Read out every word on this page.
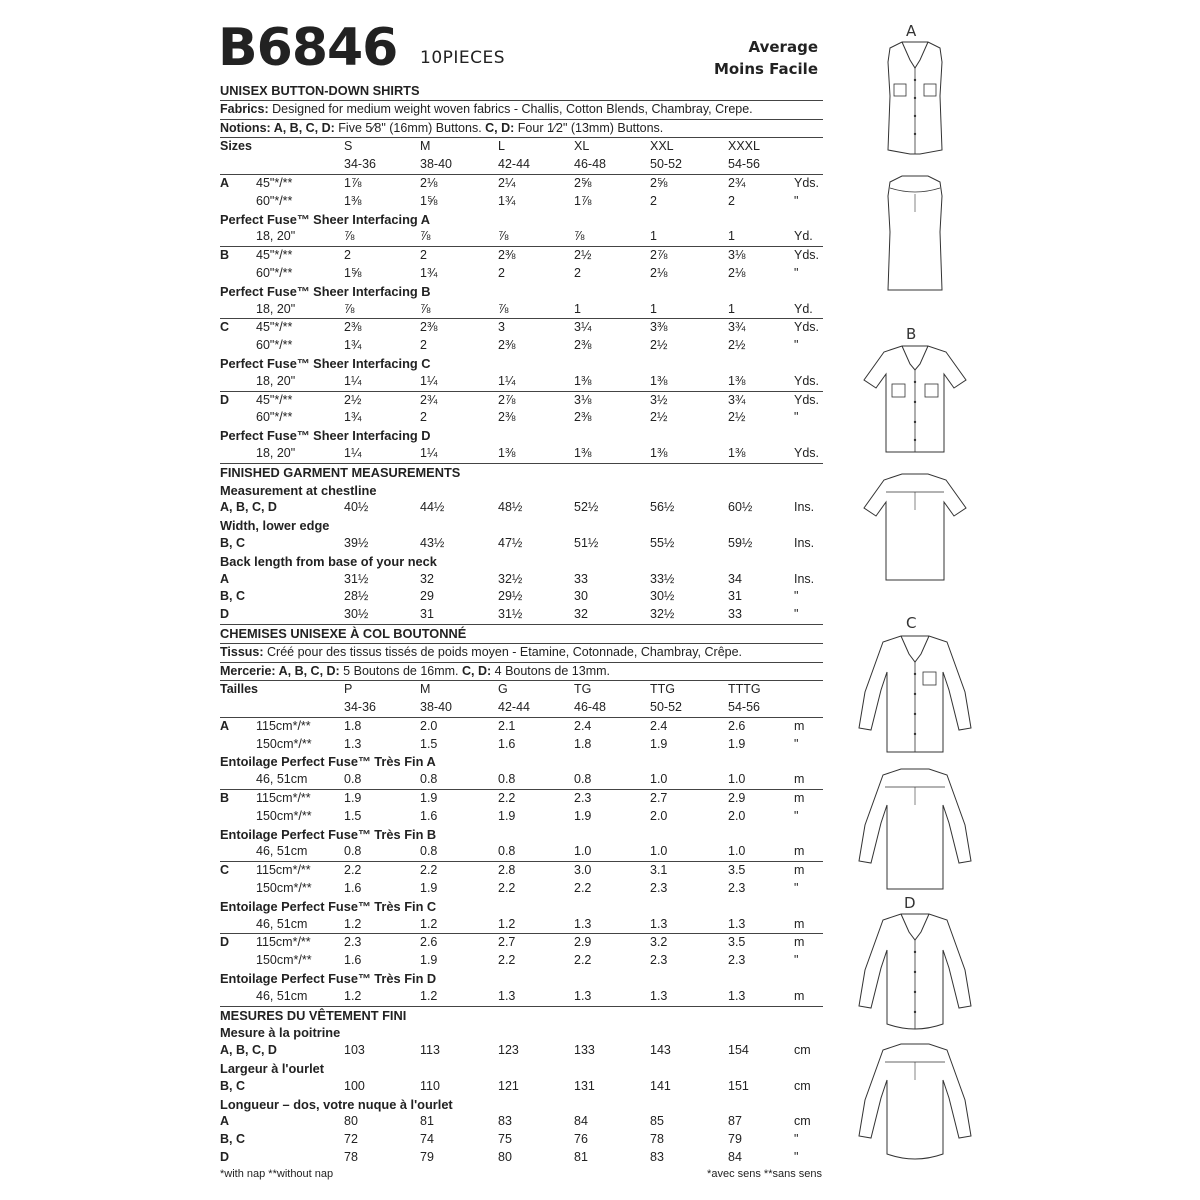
B6846 10PIECES
Average
Moins Facile
UNISEX BUTTON-DOWN SHIRTS
Fabrics: Designed for medium weight woven fabrics - Challis, Cotton Blends, Chambray, Crepe.
Notions: A, B, C, D: Five 5⁄8" (16mm) Buttons. C, D: Four 1⁄2" (13mm) Buttons.
Sizes	S	M	L	XL	XXL	XXXL
34-36	38-40	42-44	46-48	50-52	54-56
A 45"*/**	1⅞	2⅛	2¼	2⅝	2⅝	2¾	Yds.
60"*/**	1⅜	1⅝	1¾	1⅞	2	2	"
Perfect Fuse™ Sheer Interfacing A
18, 20"	⅞	⅞	⅞	⅞	1	1	Yd.
B 45"*/**	2	2	2⅜	2½	2⅞	3⅛	Yds.
60"*/**	1⅝	1¾	2	2	2⅛	2⅛	"
Perfect Fuse™ Sheer Interfacing B
18, 20"	⅞	⅞	⅞	1	1	1	Yd.
C 45"*/**	2⅜	2⅜	3	3¼	3⅜	3¾	Yds.
60"*/**	1¾	2	2⅜	2⅜	2½	2½	"
Perfect Fuse™ Sheer Interfacing C
18, 20"	1¼	1¼	1¼	1⅜	1⅜	1⅜	Yds.
D 45"*/**	2½	2¾	2⅞	3⅛	3½	3¾	Yds.
60"*/**	1¾	2	2⅜	2⅜	2½	2½	"
Perfect Fuse™ Sheer Interfacing D
18, 20"	1¼	1¼	1⅜	1⅜	1⅜	1⅜	Yds.
FINISHED GARMENT MEASUREMENTS
Measurement at chestline
A, B, C, D	40½	44½	48½	52½	56½	60½	Ins.
Width, lower edge
B, C	39½	43½	47½	51½	55½	59½	Ins.
Back length from base of your neck
A	31½	32	32½	33	33½	34	Ins.
B, C	28½	29	29½	30	30½	31	"
D	30½	31	31½	32	32½	33	"
CHEMISES UNISEXE À COL BOUTONNÉ
Tissus: Créé pour des tissus tissés de poids moyen - Etamine, Cotonnade, Chambray, Crêpe.
Mercerie: A, B, C, D: 5 Boutons de 16mm. C, D: 4 Boutons de 13mm.
Tailles	P	M	G	TG	TTG	TTTG
34-36	38-40	42-44	46-48	50-52	54-56
A 115cm*/**	1.8	2.0	2.1	2.4	2.4	2.6	m
150cm*/**	1.3	1.5	1.6	1.8	1.9	1.9	"
Entoilage Perfect Fuse™ Très Fin A
46, 51cm	0.8	0.8	0.8	0.8	1.0	1.0	m
B 115cm*/**	1.9	1.9	2.2	2.3	2.7	2.9	m
150cm*/**	1.5	1.6	1.9	1.9	2.0	2.0	"
Entoilage Perfect Fuse™ Très Fin B
46, 51cm	0.8	0.8	0.8	1.0	1.0	1.0	m
C 115cm*/**	2.2	2.2	2.8	3.0	3.1	3.5	m
150cm*/**	1.6	1.9	2.2	2.2	2.3	2.3	"
Entoilage Perfect Fuse™ Très Fin C
46, 51cm	1.2	1.2	1.2	1.3	1.3	1.3	m
D 115cm*/**	2.3	2.6	2.7	2.9	3.2	3.5	m
150cm*/**	1.6	1.9	2.2	2.2	2.3	2.3	"
Entoilage Perfect Fuse™ Très Fin D
46, 51cm	1.2	1.2	1.3	1.3	1.3	1.3	m
MESURES DU VÊTEMENT FINI
Mesure à la poitrine
A, B, C, D	103	113	123	133	143	154	cm
Largeur à l'ourlet
B, C	100	110	121	131	141	151	cm
Longueur – dos, votre nuque à l'ourlet
A	80	81	83	84	85	87	cm
B, C	72	74	75	76	78	79	"
D	78	79	80	81	83	84	"
*with nap **without nap	*avec sens **sans sens
A
B
C
D
